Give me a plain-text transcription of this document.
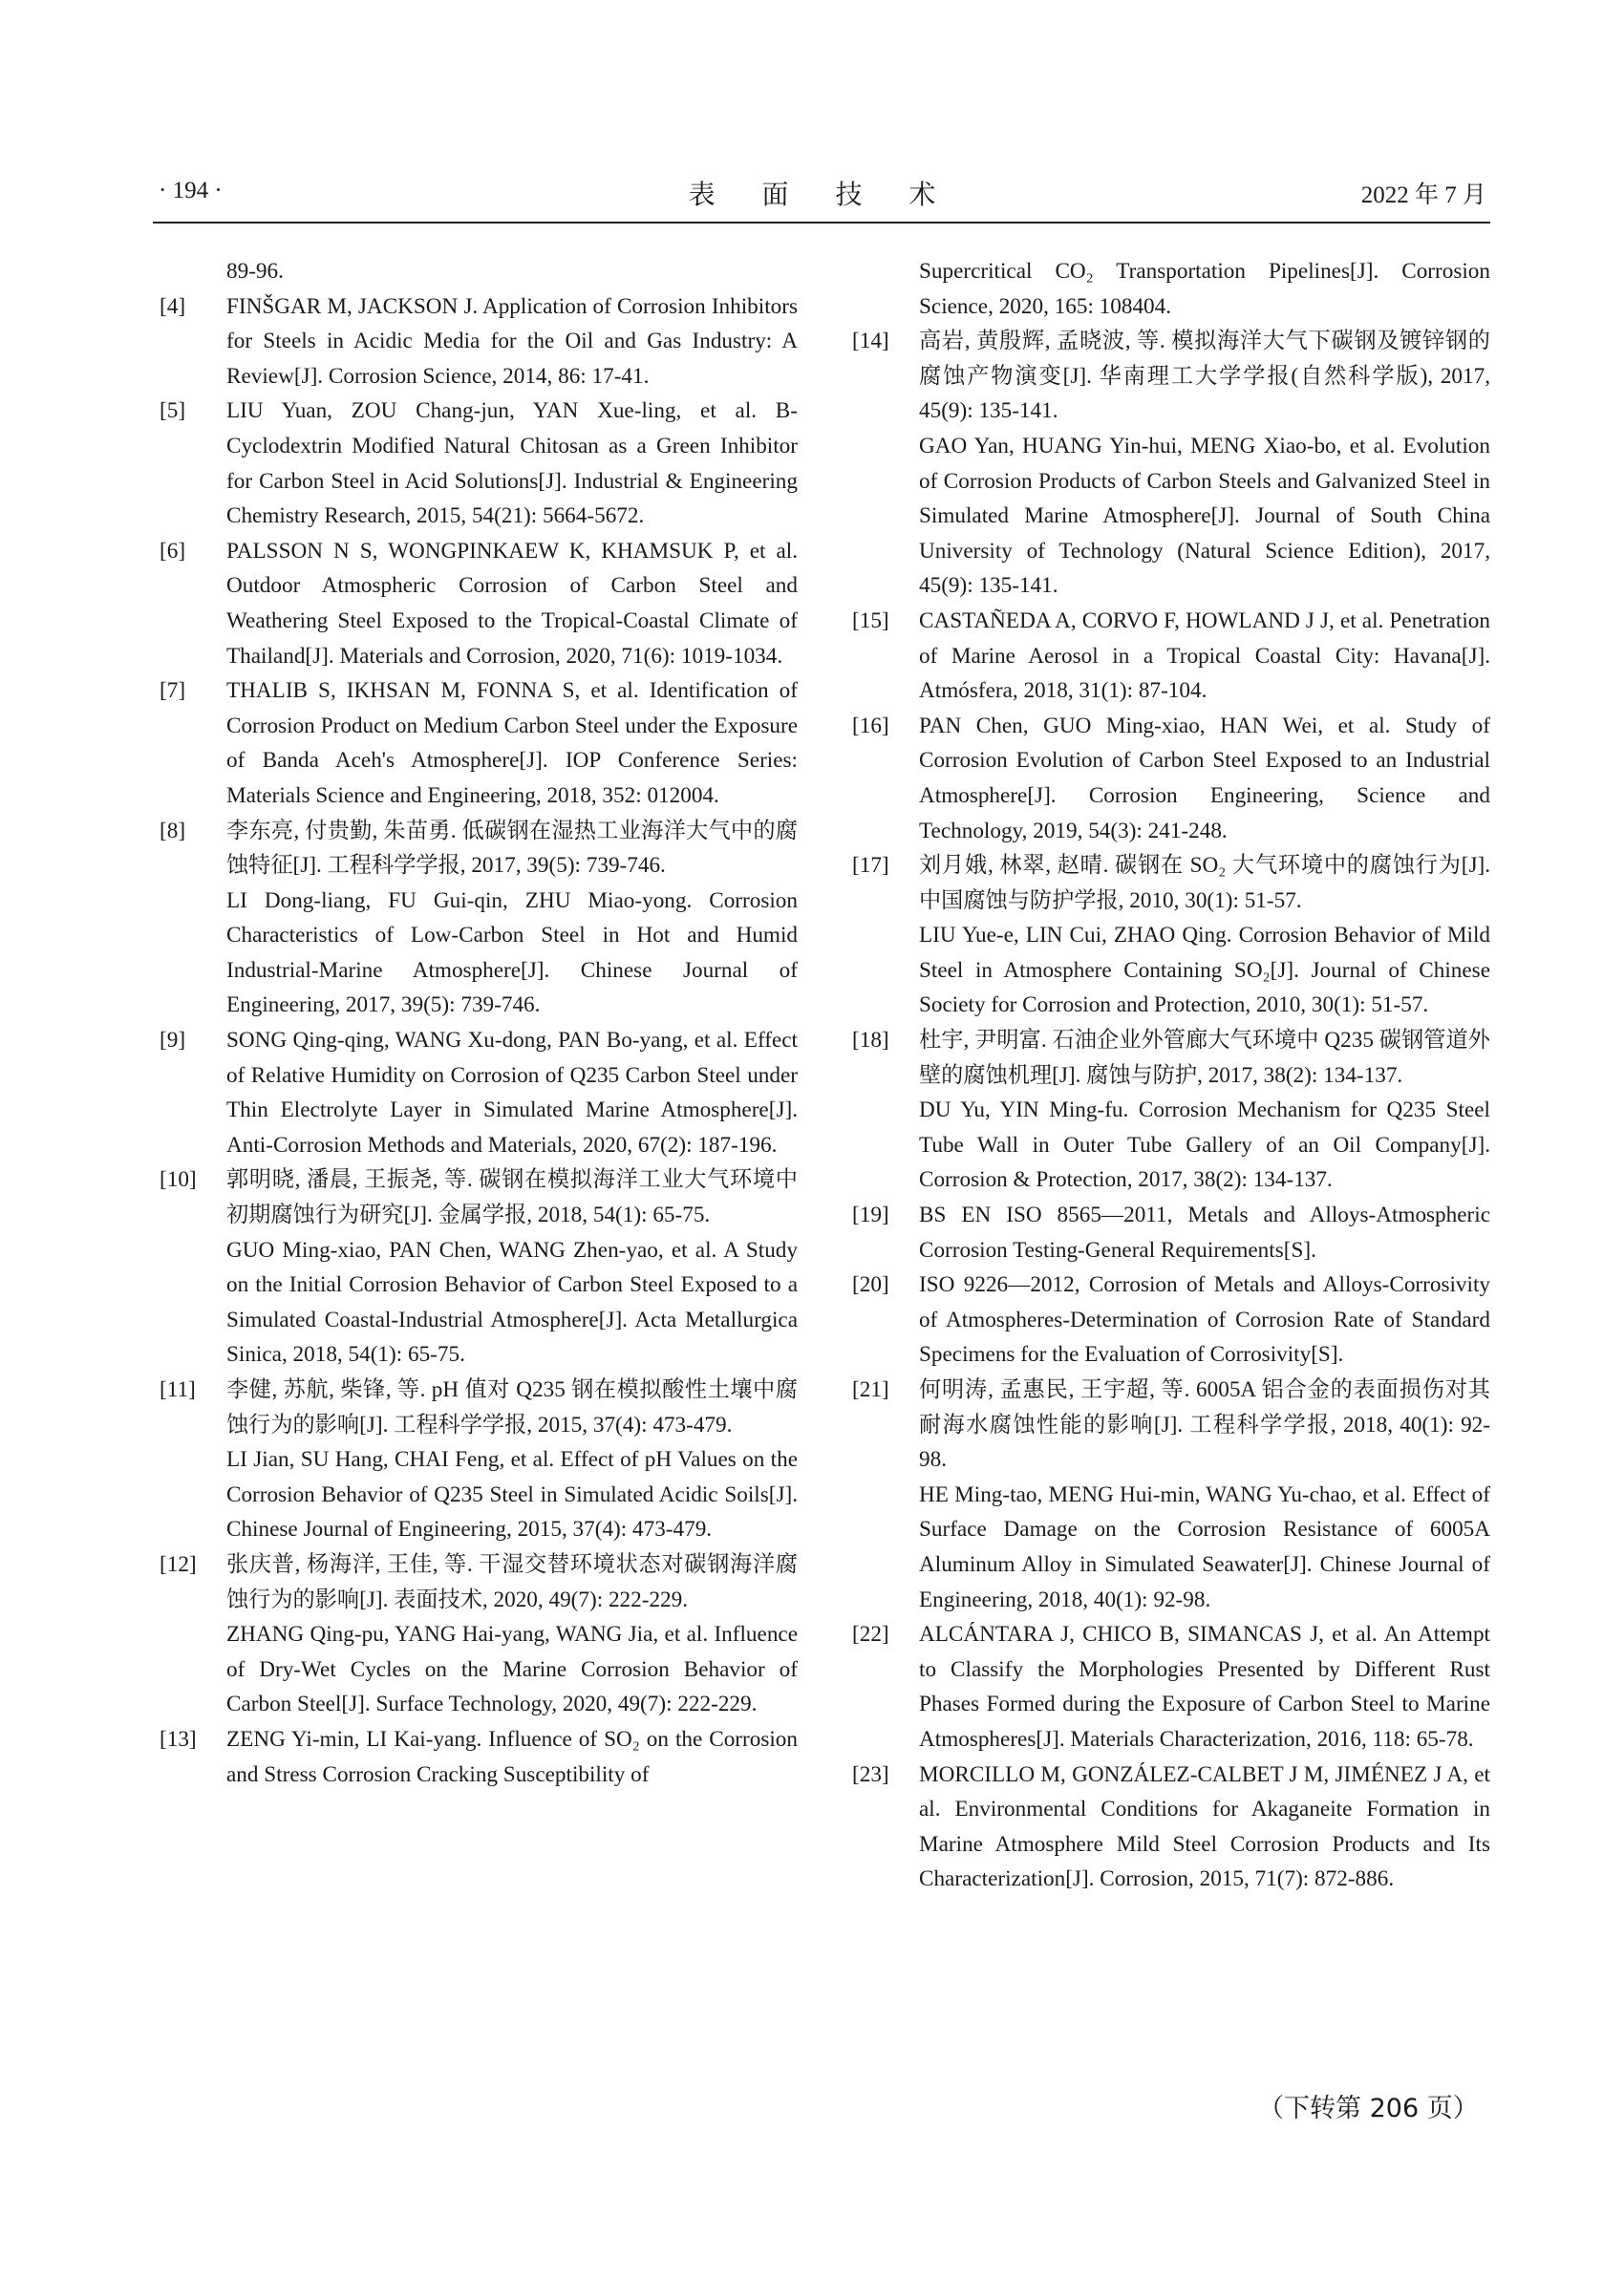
· 194 ·	表 面 技 术	2022 年 7 月

89-96.

[4] FINŠGAR M, JACKSON J. Application of Corrosion Inhibitors for Steels in Acidic Media for the Oil and Gas Industry: A Review[J]. Corrosion Science, 2014, 86: 17-41.

[5] LIU Yuan, ZOU Chang-jun, YAN Xue-ling, et al. B-Cyclodextrin Modified Natural Chitosan as a Green Inhibitor for Carbon Steel in Acid Solutions[J]. Industrial & Engineering Chemistry Research, 2015, 54(21): 5664-5672.

[6] PALSSON N S, WONGPINKAEW K, KHAMSUK P, et al. Outdoor Atmospheric Corrosion of Carbon Steel and Weathering Steel Exposed to the Tropical-Coastal Climate of Thailand[J]. Materials and Corrosion, 2020, 71(6): 1019-1034.

[7] THALIB S, IKHSAN M, FONNA S, et al. Identification of Corrosion Product on Medium Carbon Steel under the Exposure of Banda Aceh's Atmosphere[J]. IOP Conference Series: Materials Science and Engineering, 2018, 352: 012004.

[8] 李东亮, 付贵勤, 朱苗勇. 低碳钢在湿热工业海洋大气中的腐蚀特征[J]. 工程科学学报, 2017, 39(5): 739-746.

LI Dong-liang, FU Gui-qin, ZHU Miao-yong. Corrosion Characteristics of Low-Carbon Steel in Hot and Humid Industrial-Marine Atmosphere[J]. Chinese Journal of Engineering, 2017, 39(5): 739-746.

[9] SONG Qing-qing, WANG Xu-dong, PAN Bo-yang, et al. Effect of Relative Humidity on Corrosion of Q235 Carbon Steel under Thin Electrolyte Layer in Simulated Marine Atmosphere[J]. Anti-Corrosion Methods and Materials, 2020, 67(2): 187-196.

[10] 郭明晓, 潘晨, 王振尧, 等. 碳钢在模拟海洋工业大气环境中初期腐蚀行为研究[J]. 金属学报, 2018, 54(1): 65-75.

GUO Ming-xiao, PAN Chen, WANG Zhen-yao, et al. A Study on the Initial Corrosion Behavior of Carbon Steel Exposed to a Simulated Coastal-Industrial Atmosphere[J]. Acta Metallurgica Sinica, 2018, 54(1): 65-75.

[11] 李健, 苏航, 柴锋, 等. pH 值对 Q235 钢在模拟酸性土壤中腐蚀行为的影响[J]. 工程科学学报, 2015, 37(4): 473-479.

LI Jian, SU Hang, CHAI Feng, et al. Effect of pH Values on the Corrosion Behavior of Q235 Steel in Simulated Acidic Soils[J]. Chinese Journal of Engineering, 2015, 37(4): 473-479.

[12] 张庆普, 杨海洋, 王佳, 等. 干湿交替环境状态对碳钢海洋腐蚀行为的影响[J]. 表面技术, 2020, 49(7): 222-229.

ZHANG Qing-pu, YANG Hai-yang, WANG Jia, et al. Influence of Dry-Wet Cycles on the Marine Corrosion Behavior of Carbon Steel[J]. Surface Technology, 2020, 49(7): 222-229.

[13] ZENG Yi-min, LI Kai-yang. Influence of SO₂ on the Corrosion and Stress Corrosion Cracking Susceptibility of

Supercritical CO₂ Transportation Pipelines[J]. Corrosion Science, 2020, 165: 108404.

[14] 高岩, 黄殷辉, 孟晓波, 等. 模拟海洋大气下碳钢及镀锌钢的腐蚀产物演变[J]. 华南理工大学学报(自然科学版), 2017, 45(9): 135-141.

GAO Yan, HUANG Yin-hui, MENG Xiao-bo, et al. Evolution of Corrosion Products of Carbon Steels and Galvanized Steel in Simulated Marine Atmosphere[J]. Journal of South China University of Technology (Natural Science Edition), 2017, 45(9): 135-141.

[15] CASTAÑEDA A, CORVO F, HOWLAND J J, et al. Penetration of Marine Aerosol in a Tropical Coastal City: Havana[J]. Atmósfera, 2018, 31(1): 87-104.

[16] PAN Chen, GUO Ming-xiao, HAN Wei, et al. Study of Corrosion Evolution of Carbon Steel Exposed to an Industrial Atmosphere[J]. Corrosion Engineering, Science and Technology, 2019, 54(3): 241-248.

[17] 刘月娥, 林翠, 赵晴. 碳钢在 SO₂ 大气环境中的腐蚀行为[J]. 中国腐蚀与防护学报, 2010, 30(1): 51-57.

LIU Yue-e, LIN Cui, ZHAO Qing. Corrosion Behavior of Mild Steel in Atmosphere Containing SO₂[J]. Journal of Chinese Society for Corrosion and Protection, 2010, 30(1): 51-57.

[18] 杜宇, 尹明富. 石油企业外管廊大气环境中 Q235 碳钢管道外壁的腐蚀机理[J]. 腐蚀与防护, 2017, 38(2): 134-137.

DU Yu, YIN Ming-fu. Corrosion Mechanism for Q235 Steel Tube Wall in Outer Tube Gallery of an Oil Company[J]. Corrosion & Protection, 2017, 38(2): 134-137.

[19] BS EN ISO 8565—2011, Metals and Alloys-Atmospheric Corrosion Testing-General Requirements[S].

[20] ISO 9226—2012, Corrosion of Metals and Alloys-Corrosivity of Atmospheres-Determination of Corrosion Rate of Standard Specimens for the Evaluation of Corrosivity[S].

[21] 何明涛, 孟惠民, 王宇超, 等. 6005A 铝合金的表面损伤对其耐海水腐蚀性能的影响[J]. 工程科学学报, 2018, 40(1): 92-98.

HE Ming-tao, MENG Hui-min, WANG Yu-chao, et al. Effect of Surface Damage on the Corrosion Resistance of 6005A Aluminum Alloy in Simulated Seawater[J]. Chinese Journal of Engineering, 2018, 40(1): 92-98.

[22] ALCÁNTARA J, CHICO B, SIMANCAS J, et al. An Attempt to Classify the Morphologies Presented by Different Rust Phases Formed during the Exposure of Carbon Steel to Marine Atmospheres[J]. Materials Characterization, 2016, 118: 65-78.

[23] MORCILLO M, GONZÁLEZ-CALBET J M, JIMÉNEZ J A, et al. Environmental Conditions for Akaganeite Formation in Marine Atmosphere Mild Steel Corrosion Products and Its Characterization[J]. Corrosion, 2015, 71(7): 872-886.

（下转第 206 页）
